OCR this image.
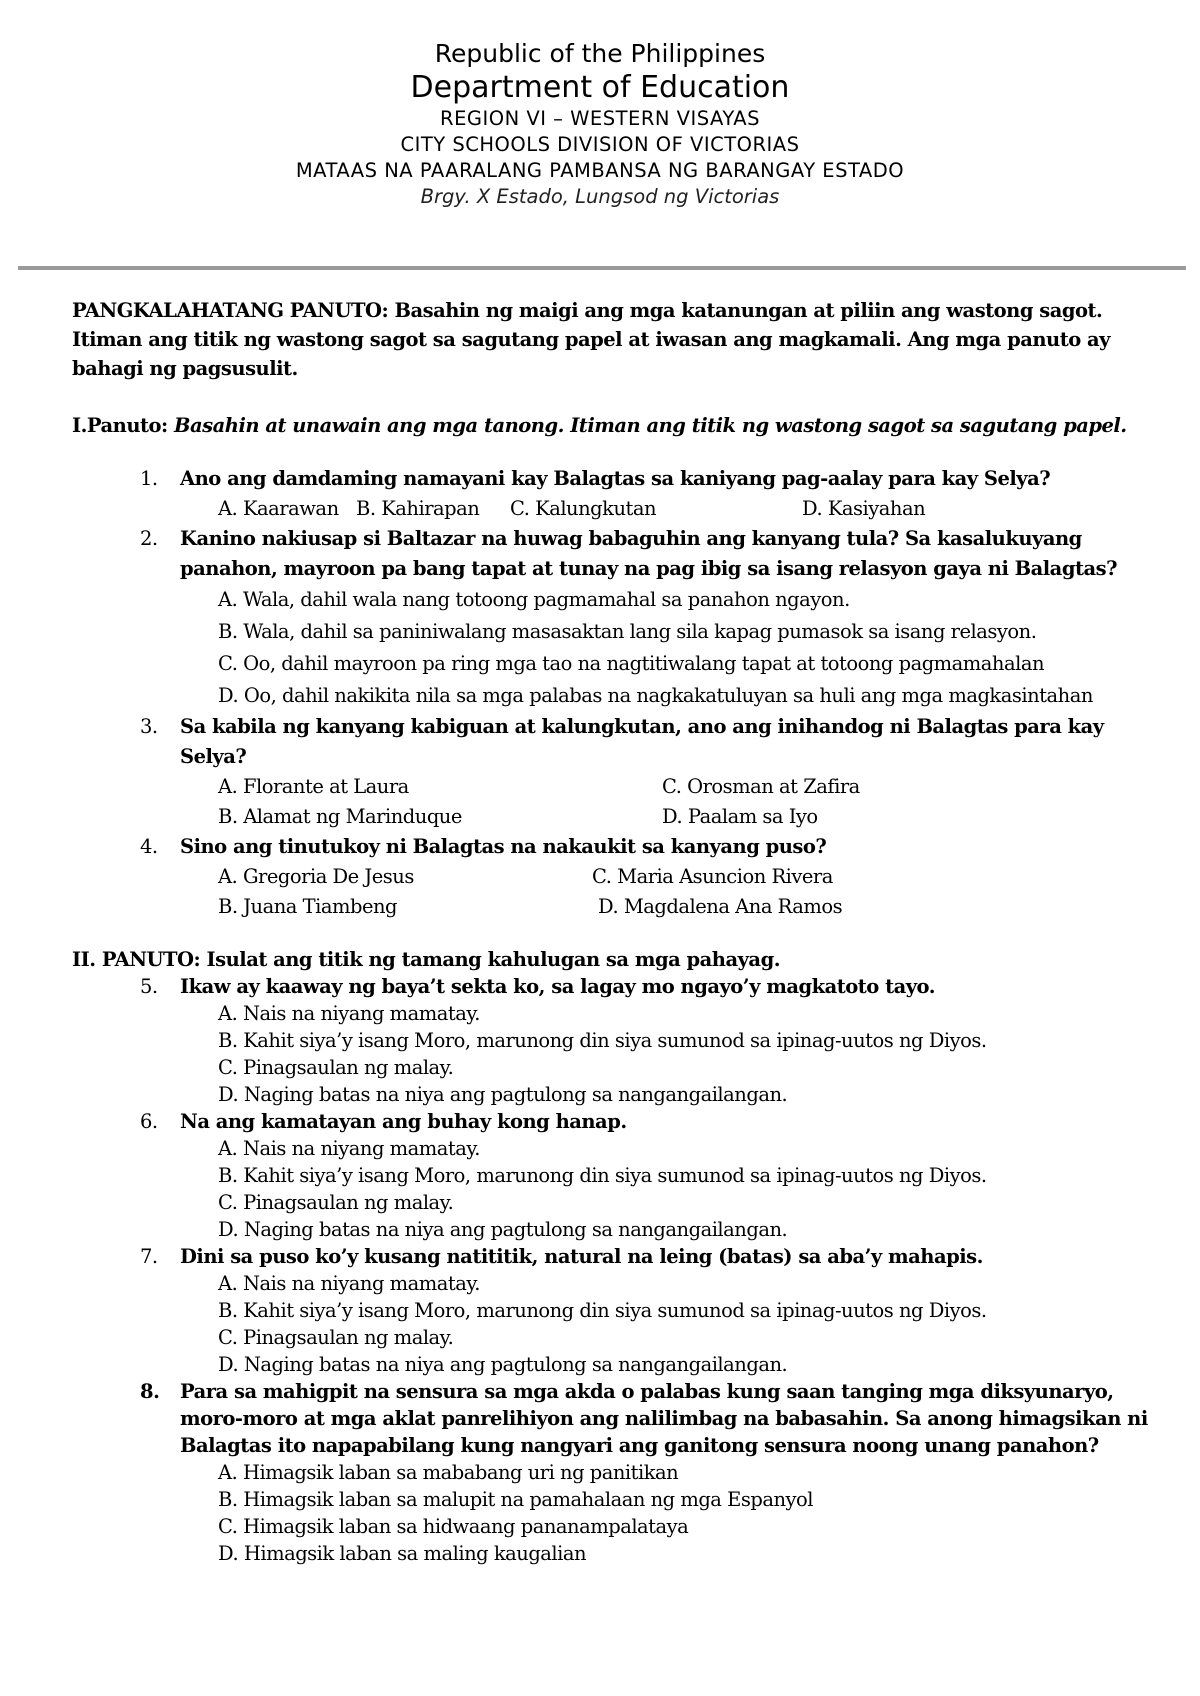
Republic of the Philippines
Department of Education
REGION VI – WESTERN VISAYAS
CITY SCHOOLS DIVISION OF VICTORIAS
MATAAS NA PAARALANG PAMBANSA NG BARANGAY ESTADO
Brgy. X Estado, Lungsod ng Victorias

PANGKALAHATANG PANUTO: Basahin ng maigi ang mga katanungan at piliin ang wastong sagot. Itiman ang titik ng wastong sagot sa sagutang papel at iwasan ang magkamali. Ang mga panuto ay bahagi ng pagsusulit.

I.Panuto: Basahin at unawain ang mga tanong. Itiman ang titik ng wastong sagot sa sagutang papel.

1. Ano ang damdaming namayani kay Balagtas sa kaniyang pag-aalay para kay Selya?
A. Kaarawan B. Kahirapan C. Kalungkutan	D. Kasiyahan
2. Kanino nakiusap si Baltazar na huwag babaguhin ang kanyang tula? Sa kasalukuyang panahon, mayroon pa bang tapat at tunay na pag ibig sa isang relasyon gaya ni Balagtas?
A. Wala, dahil wala nang totoong pagmamahal sa panahon ngayon.
B. Wala, dahil sa paniniwalang masasaktan lang sila kapag pumasok sa isang relasyon.
C. Oo, dahil mayroon pa ring mga tao na nagtitiwalang tapat at totoong pagmamahalan
D. Oo, dahil nakikita nila sa mga palabas na nagkakatuluyan sa huli ang mga magkasintahan
3. Sa kabila ng kanyang kabiguan at kalungkutan, ano ang inihandog ni Balagtas para kay Selya?
A. Florante at Laura	C. Orosman at Zafira
B. Alamat ng Marinduque	D. Paalam sa Iyo
4. Sino ang tinutukoy ni Balagtas na nakaukit sa kanyang puso?
A. Gregoria De Jesus	C. Maria Asuncion Rivera
B. Juana Tiambeng	D. Magdalena Ana Ramos

II. PANUTO: Isulat ang titik ng tamang kahulugan sa mga pahayag.

5. Ikaw ay kaaway ng baya’t sekta ko, sa lagay mo ngayo’y magkatoto tayo.
A. Nais na niyang mamatay.
B. Kahit siya’y isang Moro, marunong din siya sumunod sa ipinag-uutos ng Diyos.
C. Pinagsaulan ng malay.
D. Naging batas na niya ang pagtulong sa nangangailangan.
6. Na ang kamatayan ang buhay kong hanap.
A. Nais na niyang mamatay.
B. Kahit siya’y isang Moro, marunong din siya sumunod sa ipinag-uutos ng Diyos.
C. Pinagsaulan ng malay.
D. Naging batas na niya ang pagtulong sa nangangailangan.
7. Dini sa puso ko’y kusang natititik, natural na leing (batas) sa aba’y mahapis.
A. Nais na niyang mamatay.
B. Kahit siya’y isang Moro, marunong din siya sumunod sa ipinag-uutos ng Diyos.
C. Pinagsaulan ng malay.
D. Naging batas na niya ang pagtulong sa nangangailangan.
8. Para sa mahigpit na sensura sa mga akda o palabas kung saan tanging mga diksyunaryo, moro-moro at mga aklat panrelihiyon ang nalilimbag na babasahin. Sa anong himagsikan ni Balagtas ito napapabilang kung nangyari ang ganitong sensura noong unang panahon?
A. Himagsik laban sa mababang uri ng panitikan
B. Himagsik laban sa malupit na pamahalaan ng mga Espanyol
C. Himagsik laban sa hidwaang pananampalataya
D. Himagsik laban sa maling kaugalian
